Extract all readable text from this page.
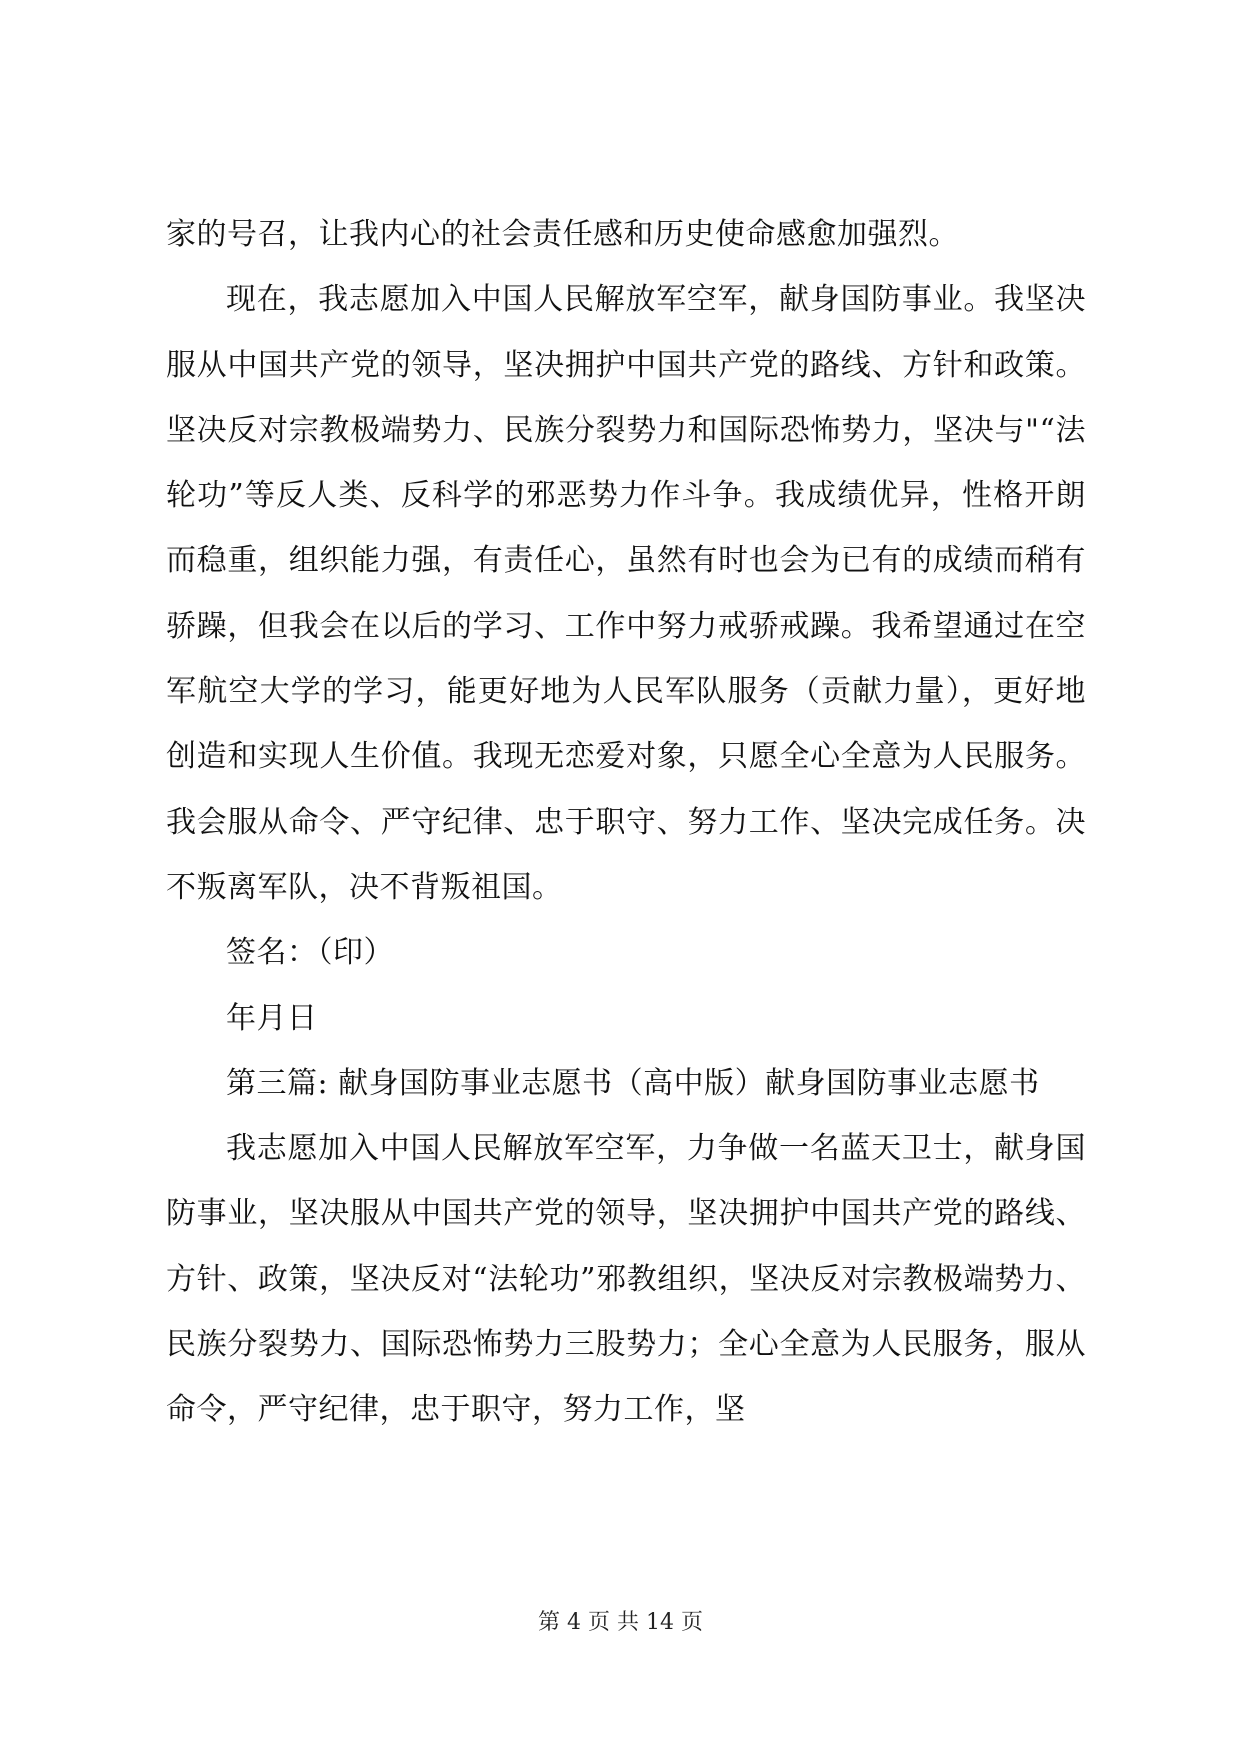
家的号召，让我内心的社会责任感和历史使命感愈加强烈。

现在，我志愿加入中国人民解放军空军，献身国防事业。我坚决服从中国共产党的领导，坚决拥护中国共产党的路线、方针和政策。坚决反对宗教极端势力、民族分裂势力和国际恐怖势力，坚决与"“法轮功”等反人类、反科学的邪恶势力作斗争。我成绩优异，性格开朗而稳重，组织能力强，有责任心，虽然有时也会为已有的成绩而稍有骄躁，但我会在以后的学习、工作中努力戒骄戒躁。我希望通过在空军航空大学的学习，能更好地为人民军队服务（贡献力量），更好地创造和实现人生价值。我现无恋爱对象，只愿全心全意为人民服务。我会服从命令、严守纪律、忠于职守、努力工作、坚决完成任务。决不叛离军队，决不背叛祖国。

签名：（印）

年月日

第三篇: 献身国防事业志愿书（高中版）献身国防事业志愿书

我志愿加入中国人民解放军空军，力争做一名蓝天卫士，献身国防事业，坚决服从中国共产党的领导，坚决拥护中国共产党的路线、方针、政策，坚决反对“法轮功”邪教组织，坚决反对宗教极端势力、民族分裂势力、国际恐怖势力三股势力；全心全意为人民服务，服从命令，严守纪律，忠于职守，努力工作，坚

第 4 页 共 14 页
